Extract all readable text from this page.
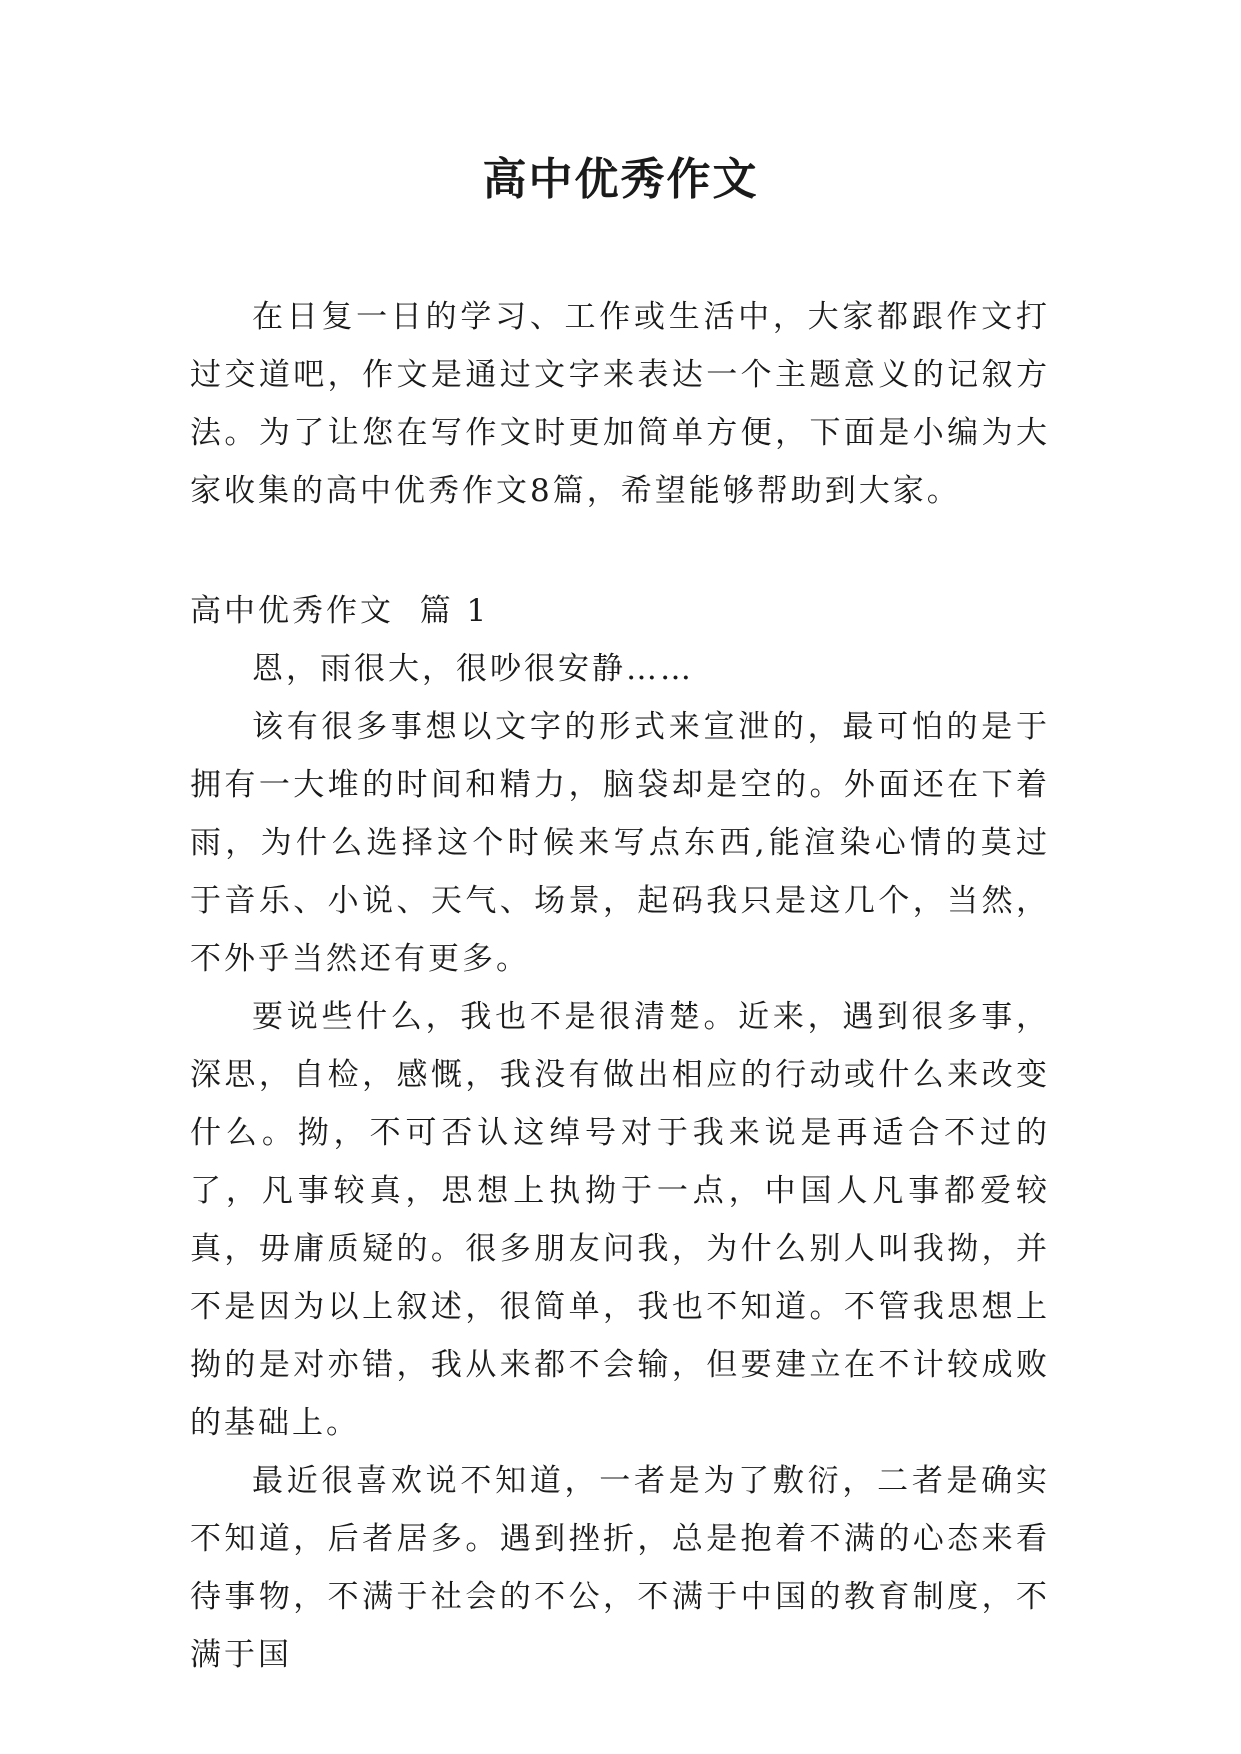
高中优秀作文

在日复一日的学习、工作或生活中，大家都跟作文打过交道吧，作文是通过文字来表达一个主题意义的记叙方法。为了让您在写作文时更加简单方便，下面是小编为大家收集的高中优秀作文8篇，希望能够帮助到大家。

高中优秀作文  篇 1

恩，雨很大，很吵很安静……

该有很多事想以文字的形式来宣泄的，最可怕的是于拥有一大堆的时间和精力，脑袋却是空的。外面还在下着雨，为什么选择这个时候来写点东西,能渲染心情的莫过于音乐、小说、天气、场景，起码我只是这几个，当然，不外乎当然还有更多。

要说些什么，我也不是很清楚。近来，遇到很多事，深思，自检，感慨，我没有做出相应的行动或什么来改变什么。拗，不可否认这绰号对于我来说是再适合不过的了，凡事较真，思想上执拗于一点，中国人凡事都爱较真，毋庸质疑的。很多朋友问我，为什么别人叫我拗，并不是因为以上叙述，很简单，我也不知道。不管我思想上拗的是对亦错，我从来都不会输，但要建立在不计较成败的基础上。

最近很喜欢说不知道，一者是为了敷衍，二者是确实不知道，后者居多。遇到挫折，总是抱着不满的心态来看待事物，不满于社会的不公，不满于中国的教育制度，不满于国
